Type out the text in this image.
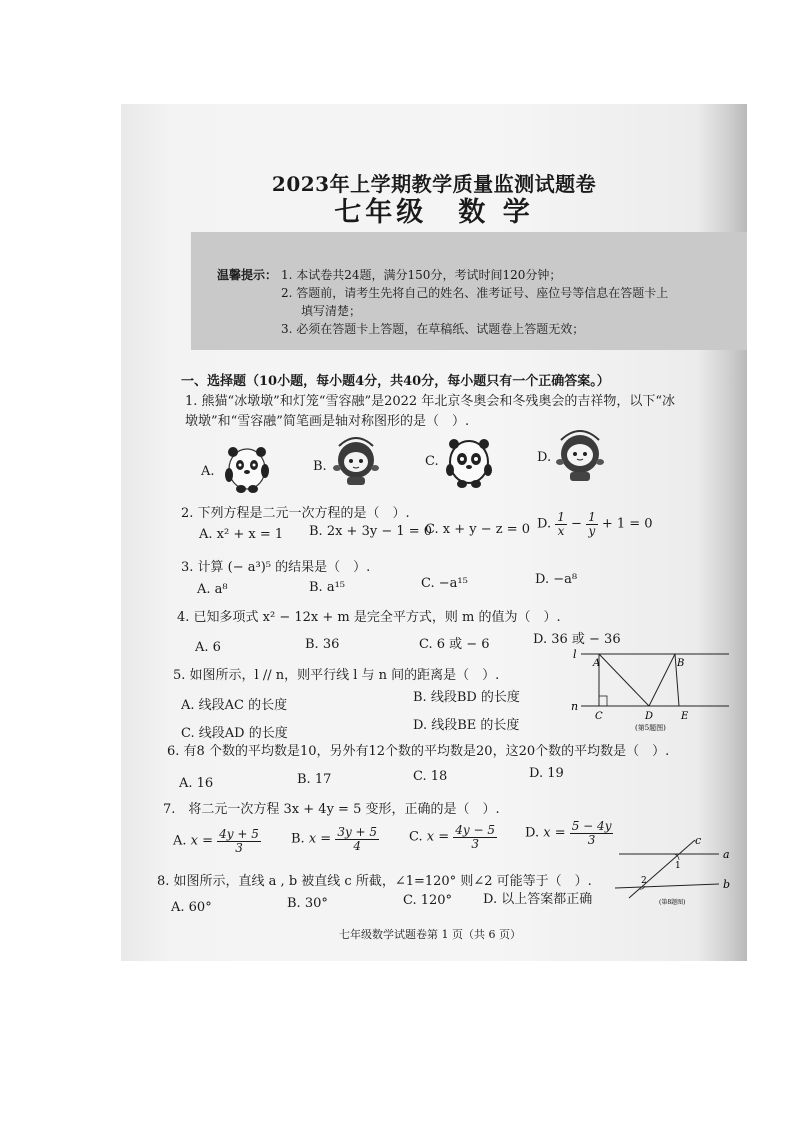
2023年上学期教学质量监测试题卷
七年级　数 学
温馨提示： 1. 本试卷共24题，满分150分，考试时间120分钟；
2. 答题前，请考生先将自己的姓名、准考证号、座位号等信息在答题卡上
填写清楚；
3. 必须在答题卡上答题，在草稿纸、试题卷上答题无效；
一、选择题（10小题，每小题4分，共40分，每小题只有一个正确答案。）
1. 熊猫“冰墩墩”和灯笼“雪容融”是2022 年北京冬奥会和冬残奥会的吉祥物，以下“冰
墩墩”和“雪容融”简笔画是轴对称图形的是（　）.
A.	B.	C.	D.
2. 下列方程是二元一次方程的是（　）.
A. x² + x = 1 B. 2x + 3y − 1 = 0
C. x + y − z = 0 D. $\frac{1}{x} - \frac{1}{y} + 1 = 0$
3. 计算 (− a³)⁵ 的结果是（　）.
A. a⁸	B. a¹⁵	C. −a¹⁵	D. −a⁸
4. 已知多项式 x² − 12x + m 是完全平方式，则 m 的值为（　）.
A. 6	B. 36	C. 6 或 − 6	D. 36 或 − 36
5. 如图所示，l // n，则平行线 l 与 n 间的距离是（　）.
A. 线段AC 的长度
B. 线段BD 的长度
C. 线段AD 的长度
D. 线段BE 的长度
l
n
A	B
C	D	E
(第5题图)
6. 有8 个数的平均数是10，另外有12个数的平均数是20，这20个数的平均数是（　）.
A. 16	B. 17	C. 18	D. 19
7.　将二元一次方程 3x + 4y = 5 变形，正确的是（　）.
A. $x = \frac{4y + 5}{3} B$. $x = \frac{3y + 5}{4} C$. $x = \frac{4y - 5}{3} D$. $x = \frac{5 - 4y}{3}$
8. 如图所示，直线 a , b 被直线 c 所截，∠1=120° 则∠2 可能等于（　）.
A. 60°	B. 30°	C. 120° D. 以上答案都正确
a
b
c
1
2
(第8题图)
七年级数学试题卷第 1 页（共 6 页）
